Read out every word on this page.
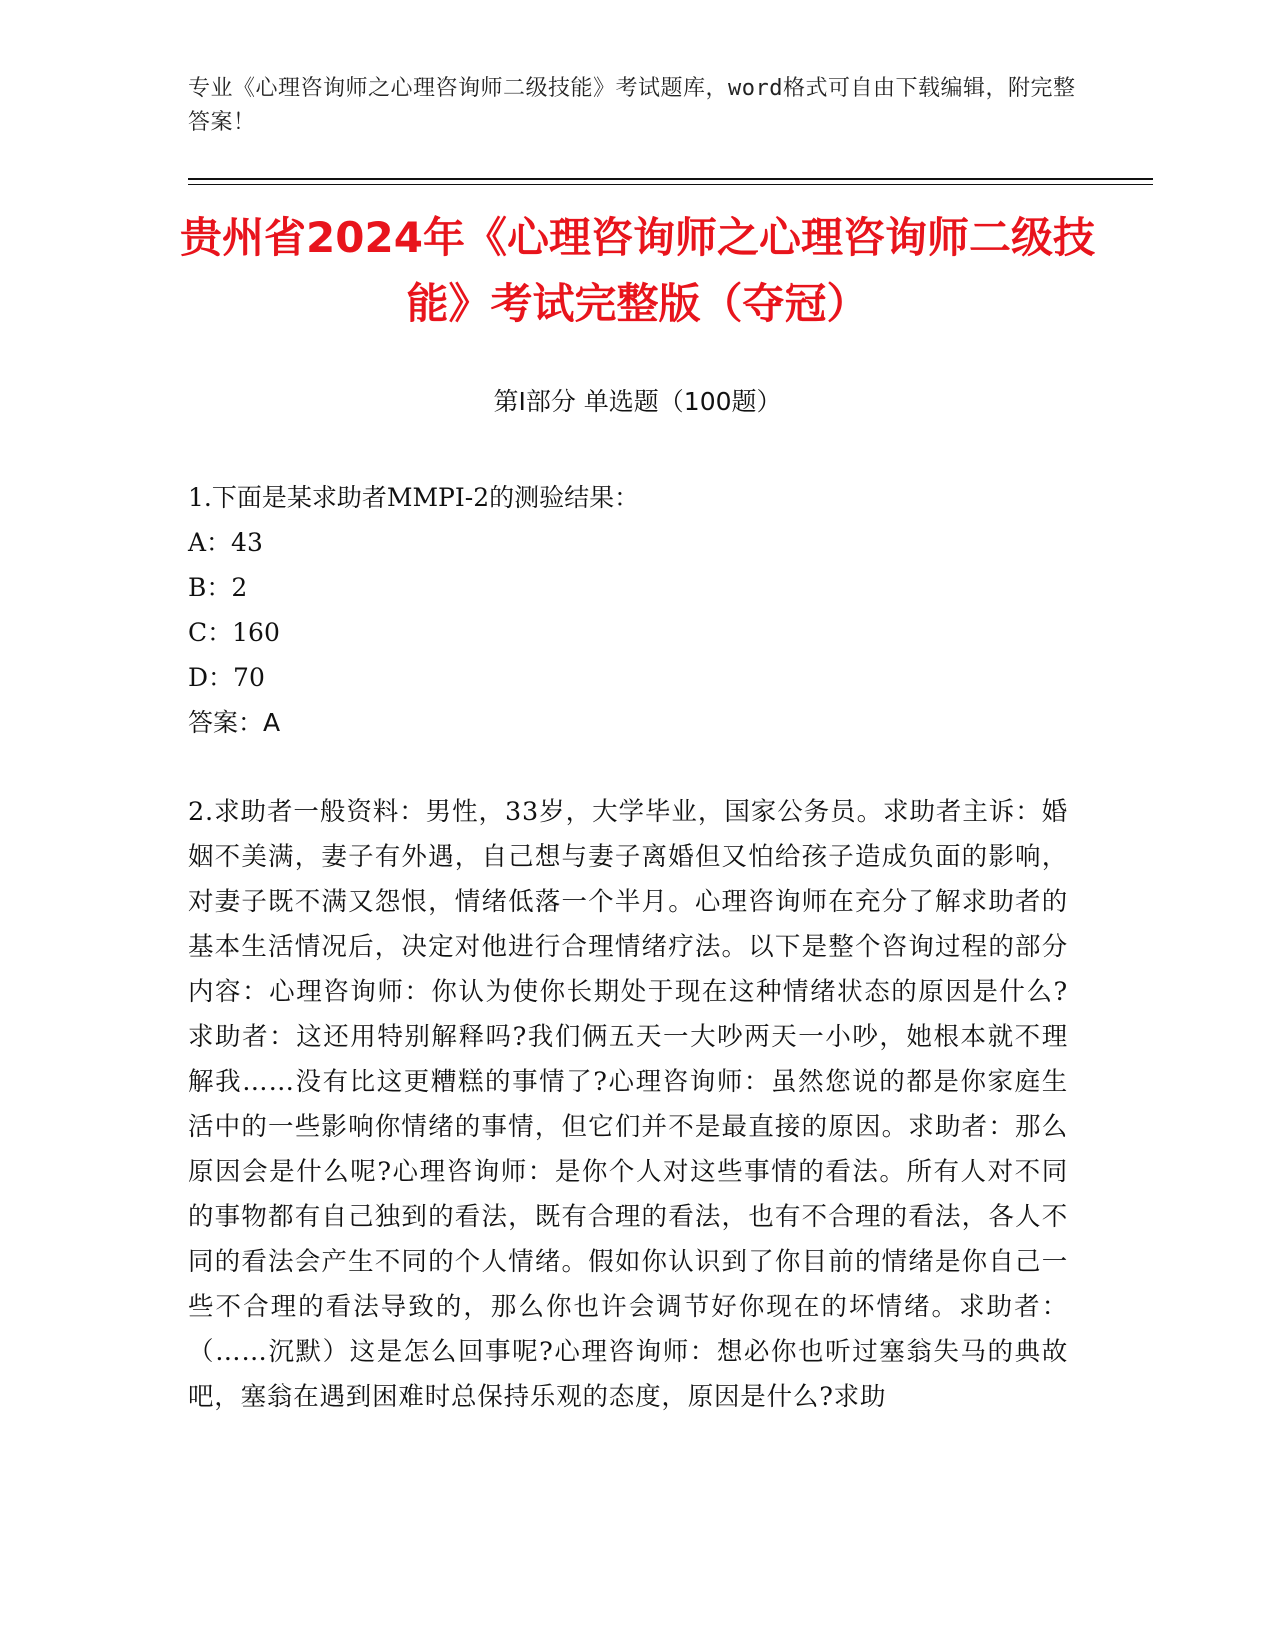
专业《心理咨询师之心理咨询师二级技能》考试题库，word格式可自由下载编辑，附完整答案！
贵州省2024年《心理咨询师之心理咨询师二级技能》考试完整版（夺冠）
第I部分 单选题（100题）
1.下面是某求助者MMPI-2的测验结果：
A：43
B：2
C：160
D：70
答案：A
2.求助者一般资料：男性，33岁，大学毕业，国家公务员。求助者主诉：婚姻不美满，妻子有外遇，自己想与妻子离婚但又怕给孩子造成负面的影响，对妻子既不满又怨恨，情绪低落一个半月。心理咨询师在充分了解求助者的基本生活情况后，决定对他进行合理情绪疗法。以下是整个咨询过程的部分内容：心理咨询师：你认为使你长期处于现在这种情绪状态的原因是什么?求助者：这还用特别解释吗?我们俩五天一大吵两天一小吵，她根本就不理解我……没有比这更糟糕的事情了?心理咨询师：虽然您说的都是你家庭生活中的一些影响你情绪的事情，但它们并不是最直接的原因。求助者：那么原因会是什么呢?心理咨询师：是你个人对这些事情的看法。所有人对不同的事物都有自己独到的看法，既有合理的看法，也有不合理的看法，各人不同的看法会产生不同的个人情绪。假如你认识到了你目前的情绪是你自己一些不合理的看法导致的，那么你也许会调节好你现在的坏情绪。求助者：（……沉默）这是怎么回事呢?心理咨询师：想必你也听过塞翁失马的典故吧，塞翁在遇到困难时总保持乐观的态度，原因是什么?求助
